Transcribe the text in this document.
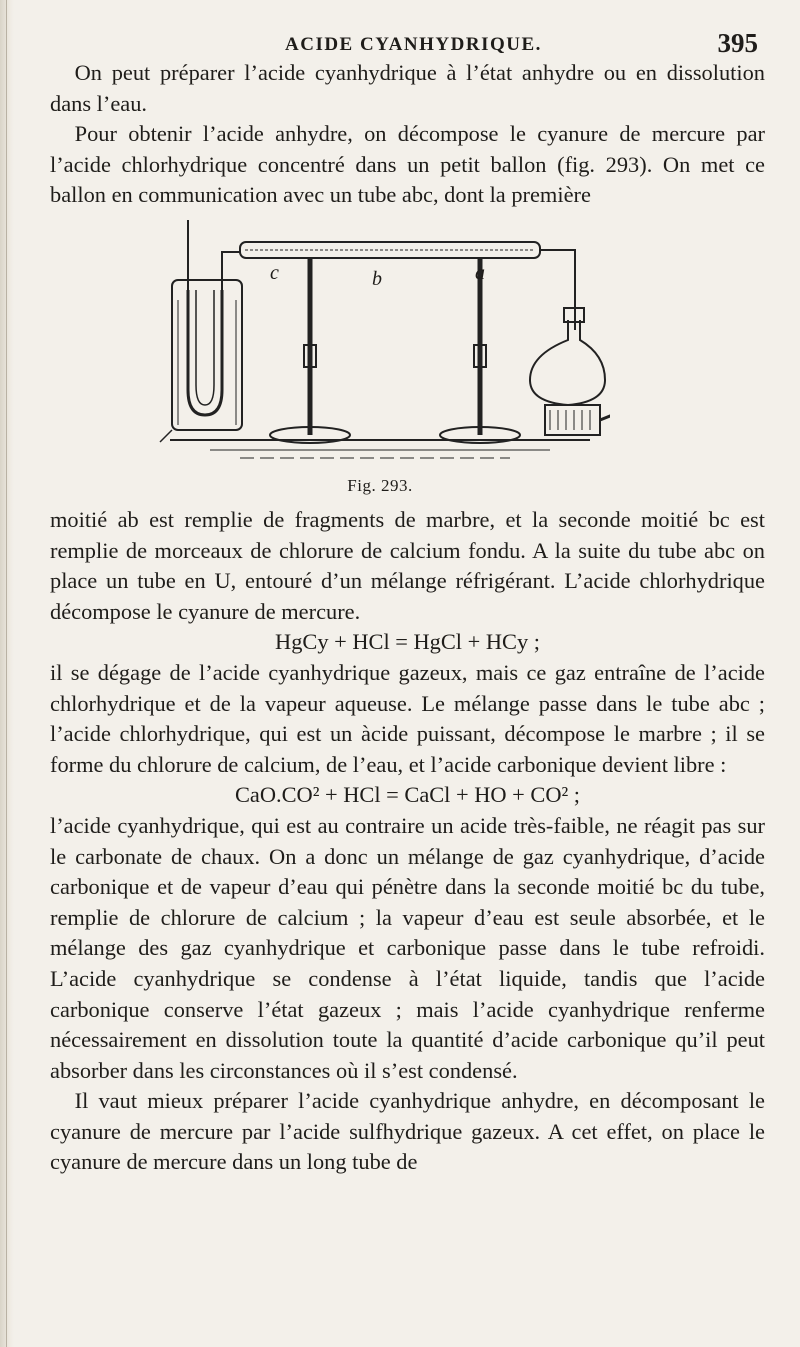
ACIDE CYANHYDRIQUE.	395

On peut préparer l’acide cyanhydrique à l’état anhydre ou en dissolution dans l’eau.

Pour obtenir l’acide anhydre, on décompose le cyanure de mercure par l’acide chlorhydrique concentré dans un petit ballon (fig. 293). On met ce ballon en communication avec un tube abc, dont la première

c	b	a
Fig. 293.

moitié ab est remplie de fragments de marbre, et la seconde moitié bc est remplie de morceaux de chlorure de calcium fondu. A la suite du tube abc on place un tube en U, entouré d’un mélange réfrigérant. L’acide chlorhydrique décompose le cyanure de mercure.

HgCy + HCl = HgCl + HCy ;

il se dégage de l’acide cyanhydrique gazeux, mais ce gaz entraîne de l’acide chlorhydrique et de la vapeur aqueuse. Le mélange passe dans le tube abc ; l’acide chlorhydrique, qui est un àcide puissant, décompose le marbre ; il se forme du chlorure de calcium, de l’eau, et l’acide carbonique devient libre :

CaO.CO² + HCl = CaCl + HO + CO² ;

l’acide cyanhydrique, qui est au contraire un acide très-faible, ne réagit pas sur le carbonate de chaux. On a donc un mélange de gaz cyanhydrique, d’acide carbonique et de vapeur d’eau qui pénètre dans la seconde moitié bc du tube, remplie de chlorure de calcium ; la vapeur d’eau est seule absorbée, et le mélange des gaz cyanhydrique et carbonique passe dans le tube refroidi. L’acide cyanhydrique se condense à l’état liquide, tandis que l’acide carbonique conserve l’état gazeux ; mais l’acide cyanhydrique renferme nécessairement en dissolution toute la quantité d’acide carbonique qu’il peut absorber dans les circonstances où il s’est condensé.

Il vaut mieux préparer l’acide cyanhydrique anhydre, en décomposant le cyanure de mercure par l’acide sulfhydrique gazeux. A cet effet, on place le cyanure de mercure dans un long tube de
